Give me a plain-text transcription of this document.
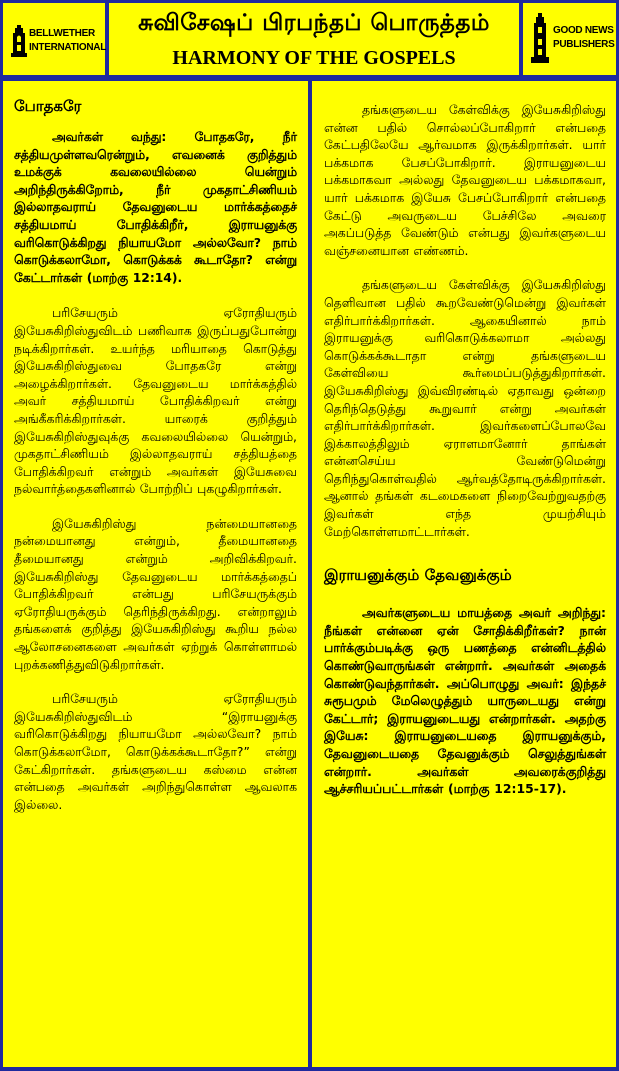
BELLWETHER
INTERNATIONAL
சுவிசேஷப் பிரபந்தப் பொருத்தம்
HARMONY OF THE GOSPELS
GOOD NEWS
PUBLISHERS
போதகரே

அவர்கள் வந்து: போதகரே, நீர் சத்தியமுள்ளவரென்றும், எவனைக் குறித்தும் உமக்குக் கவலையில்லை யென்றும் அறிந்திருக்கிறோம், நீர் முகதாட்சிணியம் இல்லாதவராய் தேவனுடைய மார்க்கத்தைச் சத்தியமாய் போதிக்கிறீர், இராயனுக்கு வரிகொடுக்கிறது நியாயமோ அல்லவோ? நாம் கொடுக்கலாமோ, கொடுக்கக் கூடாதோ? என்று கேட்டார்கள் (மாற்கு 12:14).

பரிசேயரும் ஏரோதியரும் இயேசுகிறிஸ்துவிடம் பணிவாக இருப்பதுபோன்று நடிக்கிறார்கள். உயர்ந்த மரியாதை கொடுத்து இயேசுகிறிஸ்துவை போதகரே என்று அழைக்கிறார்கள். தேவனுடைய மார்க்கத்தில் அவர் சத்தியமாய் போதிக்கிறவர் என்று அங்கீகரிக்கிறார்கள். யாரைக் குறித்தும் இயேசுகிறிஸ்துவுக்கு கவலையில்லை யென்றும், முகதாட்சிணியம் இல்லாதவராய் சத்தியத்தை போதிக்கிறவர் என்றும் அவர்கள் இயேசுவை நல்வார்த்தைகளினால் போற்றிப் புகழுகிறார்கள்.

இயேசுகிறிஸ்து நன்மையானதை நன்மையானது என்றும், தீமையானதை தீமையானது என்றும் அறிவிக்கிறவர். இயேசுகிறிஸ்து தேவனுடைய மார்க்கத்தைப் போதிக்கிறவர் என்பது பரிசேயருக்கும் ஏரோதியருக்கும் தெரிந்திருக்கிறது. என்றாலும் தங்களைக் குறித்து இயேசுகிறிஸ்து கூறிய நல்ல ஆலோசனைகளை அவர்கள் ஏற்றுக் கொள்ளாமல் புறக்கணித்துவிடுகிறார்கள்.

பரிசேயரும் ஏரோதியரும் இயேசுகிறிஸ்துவிடம் “இராயனுக்கு வரிகொடுக்கிறது நியாயமோ அல்லவோ? நாம் கொடுக்கலாமோ, கொடுக்கக்கூடாதோ?” என்று கேட்கிறார்கள். தங்களுடைய கஸ்மை என்ன என்பதை அவர்கள் அறிந்துகொள்ள ஆவலாக இல்லை.

தங்களுடைய கேள்விக்கு இயேசுகிறிஸ்து என்ன பதில் சொல்லப்போகிறார் என்பதை கேட்பதிலேயே ஆர்வமாக இருக்கிறார்கள். யார் பக்கமாக பேசப்போகிறார். இராயனுடைய பக்கமாகவா அல்லது தேவனுடைய பக்கமாகவா, யார் பக்கமாக இயேசு பேசப்போகிறார் என்பதை கேட்டு அவருடைய பேச்சிலே அவரை அகப்படுத்த வேண்டும் என்பது இவர்களுடைய வஞ்சனையான எண்ணம்.

தங்களுடைய கேள்விக்கு இயேசுகிறிஸ்து தெளிவான பதில் கூறவேண்டுமென்று இவர்கள் எதிர்பார்க்கிறார்கள். ஆகையினால் நாம் இராயனுக்கு வரிகொடுக்கலாமா அல்லது கொடுக்கக்கூடாதா என்று தங்களுடைய கேள்வியை கூர்மைப்படுத்துகிறார்கள். இயேசுகிறிஸ்து இவ்விரண்டில் ஏதாவது ஒன்றை தெரிந்தெடுத்து கூறுவார் என்று அவர்கள் எதிர்பார்க்கிறார்கள். இவர்களைப்போலவே இக்காலத்திலும் ஏராளமானோர் தாங்கள் என்னசெய்ய வேண்டுமென்று தெரிந்துகொள்வதில் ஆர்வத்தோடிருக்கிறார்கள். ஆனால் தங்கள் கடமைகளை நிறைவேற்றுவதற்கு இவர்கள் எந்த முயற்சியும் மேற்கொள்ளமாட்டார்கள்.

இராயனுக்கும் தேவனுக்கும்

அவர்களுடைய மாயத்தை அவர் அறிந்து: நீங்கள் என்னை ஏன் சோதிக்கிறீர்கள்? நான் பார்க்கும்படிக்கு ஒரு பணத்தை என்னிடத்தில் கொண்டுவாருங்கள் என்றார். அவர்கள் அதைக் கொண்டுவந்தார்கள். அப்பொழுது அவர்: இந்தச் சுரூபமும் மேலெழுத்தும் யாருடையது என்று கேட்டார்; இராயனுடையது என்றார்கள். அதற்கு இயேசு: இராயனுடையதை இராயனுக்கும், தேவனுடையதை தேவனுக்கும் செலுத்துங்கள் என்றார். அவர்கள் அவரைக்குறித்து ஆச்சரியப்பட்டார்கள் (மாற்கு 12:15-17).
